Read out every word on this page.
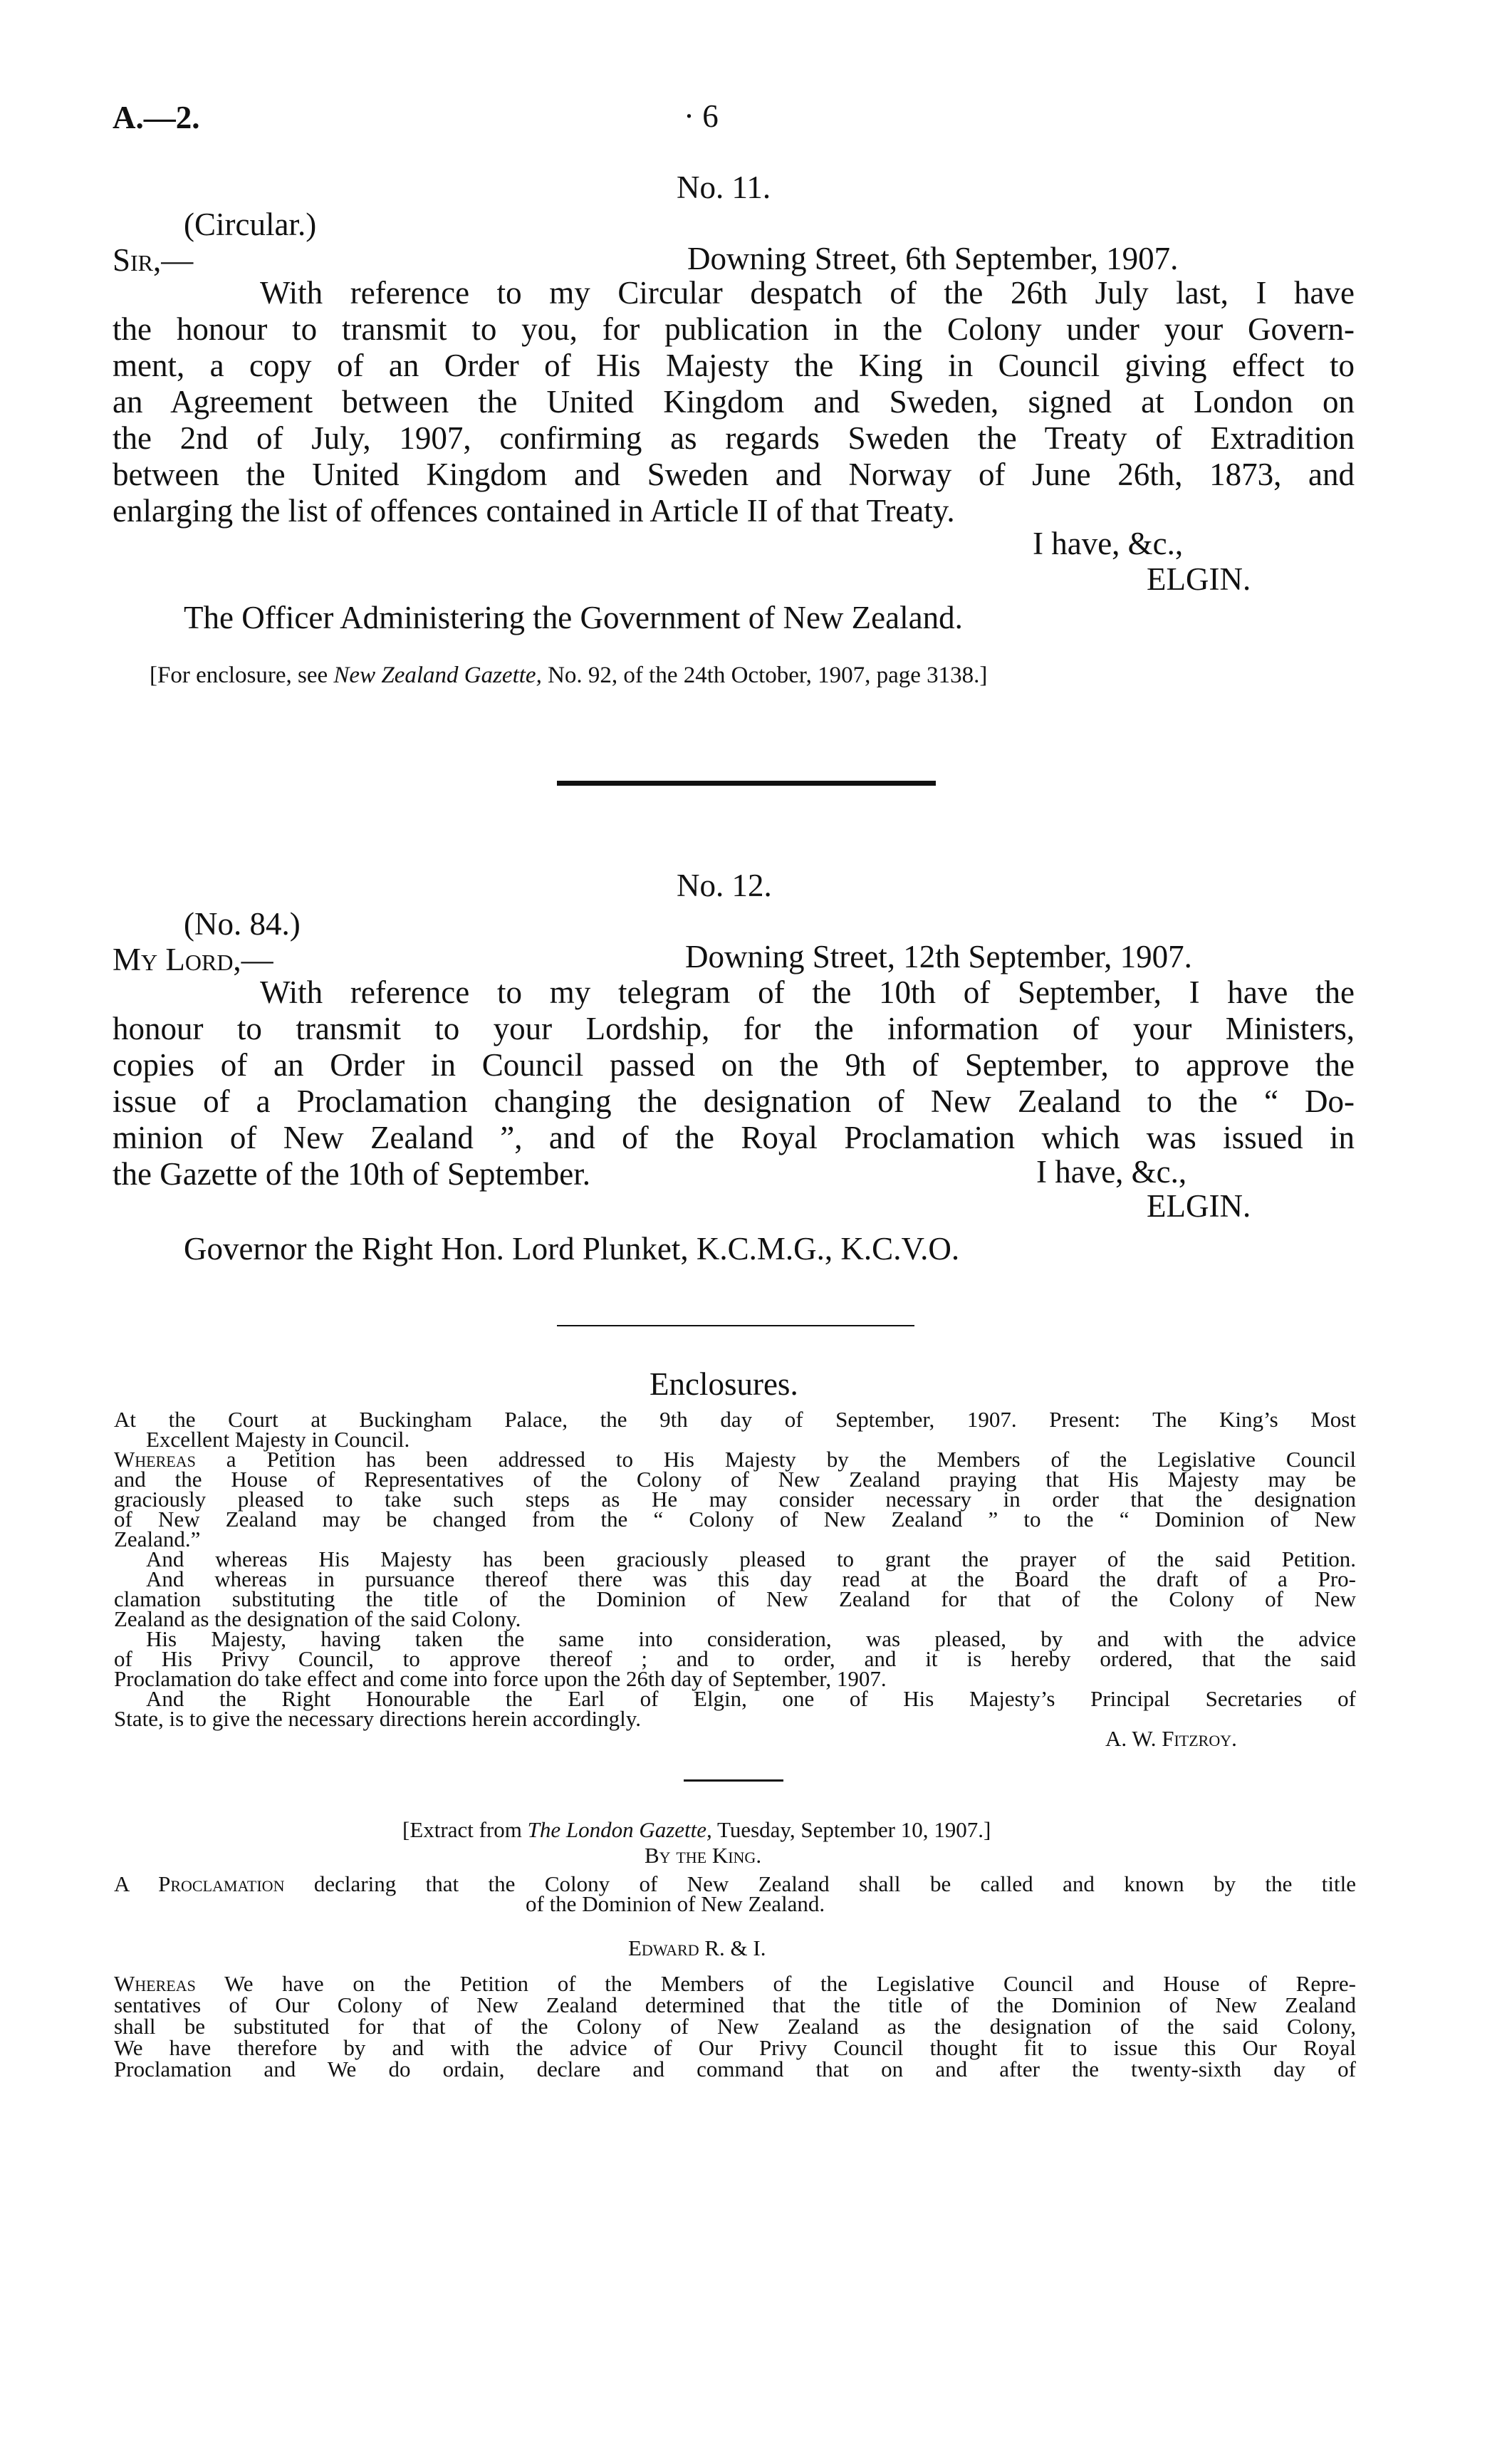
A.—2.	· 6
No. 11.
(Circular.)
Sir,—	Downing Street, 6th September, 1907.
With reference to my Circular despatch of the 26th July last, I have
the honour to transmit to you, for publication in the Colony under your Govern-
ment, a copy of an Order of His Majesty the King in Council giving effect to
an Agreement between the United Kingdom and Sweden, signed at London on
the 2nd of July, 1907, confirming as regards Sweden the Treaty of Extradition
between the United Kingdom and Sweden and Norway of June 26th, 1873, and
enlarging the list of offences contained in Article II of that Treaty.
I have, &c.,
ELGIN.
The Officer Administering the Government of New Zealand.
[For enclosure, see New Zealand Gazette, No. 92, of the 24th October, 1907, page 3138.]
No. 12.
(No. 84.)
My Lord,—	Downing Street, 12th September, 1907.
With reference to my telegram of the 10th of September, I have the
honour to transmit to your Lordship, for the information of your Ministers,
copies of an Order in Council passed on the 9th of September, to approve the
issue of a Proclamation changing the designation of New Zealand to the “ Do-
minion of New Zealand ”, and of the Royal Proclamation which was issued in
the Gazette of the 10th of September.	I have, &c.,
ELGIN.
Governor the Right Hon. Lord Plunket, K.C.M.G., K.C.V.O.
Enclosures.
At the Court at Buckingham Palace, the 9th day of September, 1907. Present: The King’s Most
Excellent Majesty in Council.
Whereas a Petition has been addressed to His Majesty by the Members of the Legislative Council
and the House of Representatives of the Colony of New Zealand praying that His Majesty may be
graciously pleased to take such steps as He may consider necessary in order that the designation
of New Zealand may be changed from the “ Colony of New Zealand ” to the “ Dominion of New
Zealand.”
And whereas His Majesty has been graciously pleased to grant the prayer of the said Petition.
And whereas in pursuance thereof there was this day read at the Board the draft of a Pro-
clamation substituting the title of the Dominion of New Zealand for that of the Colony of New
Zealand as the designation of the said Colony.
His Majesty, having taken the same into consideration, was pleased, by and with the advice
of His Privy Council, to approve thereof ; and to order, and it is hereby ordered, that the said
Proclamation do take effect and come into force upon the 26th day of September, 1907.
And the Right Honourable the Earl of Elgin, one of His Majesty’s Principal Secretaries of
State, is to give the necessary directions herein accordingly.
A. W. Fitzroy.
[Extract from The London Gazette, Tuesday, September 10, 1907.]
By the King.
A Proclamation declaring that the Colony of New Zealand shall be called and known by the title
of the Dominion of New Zealand.
Edward R. & I.
Whereas We have on the Petition of the Members of the Legislative Council and House of Repre-
sentatives of Our Colony of New Zealand determined that the title of the Dominion of New Zealand
shall be substituted for that of the Colony of New Zealand as the designation of the said Colony,
We have therefore by and with the advice of Our Privy Council thought fit to issue this Our Royal
Proclamation and We do ordain, declare and command that on and after the twenty-sixth day of
